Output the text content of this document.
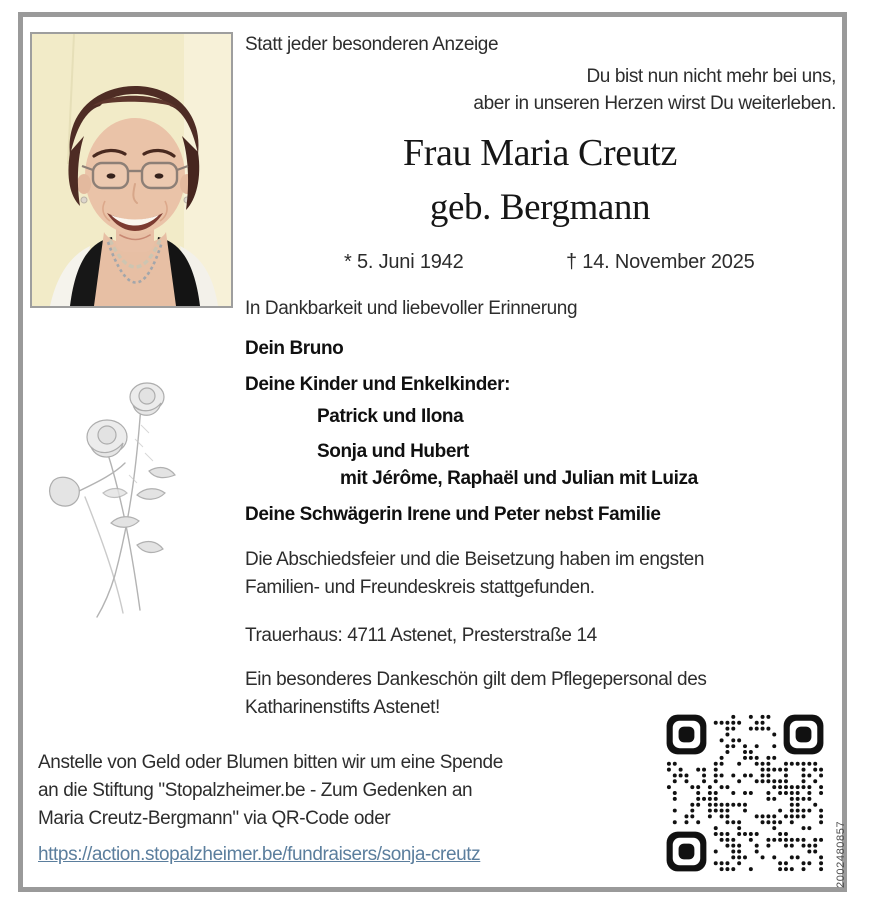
Statt jeder besonderen Anzeige
Du bist nun nicht mehr bei uns,
aber in unseren Herzen wirst Du weiterleben.
Frau Maria Creutz
geb. Bergmann
* 5. Juni 1942	† 14. November 2025
In Dankbarkeit und liebevoller Erinnerung
Dein Bruno
Deine Kinder und Enkelkinder:
Patrick und Ilona
Sonja und Hubert
mit Jérôme, Raphaël und Julian mit Luiza
Deine Schwägerin Irene und Peter nebst Familie
Die Abschiedsfeier und die Beisetzung haben im engsten
Familien- und Freundeskreis stattgefunden.
Trauerhaus: 4711 Astenet, Presterstraße 14
Ein besonderes Dankeschön gilt dem Pflegepersonal des
Katharinenstifts Astenet!
Anstelle von Geld oder Blumen bitten wir um eine Spende
an die Stiftung "Stopalzheimer.be - Zum Gedenken an
Maria Creutz-Bergmann" via QR-Code oder
https://action.stopalzheimer.be/fundraisers/sonja-creutz	2002480857
